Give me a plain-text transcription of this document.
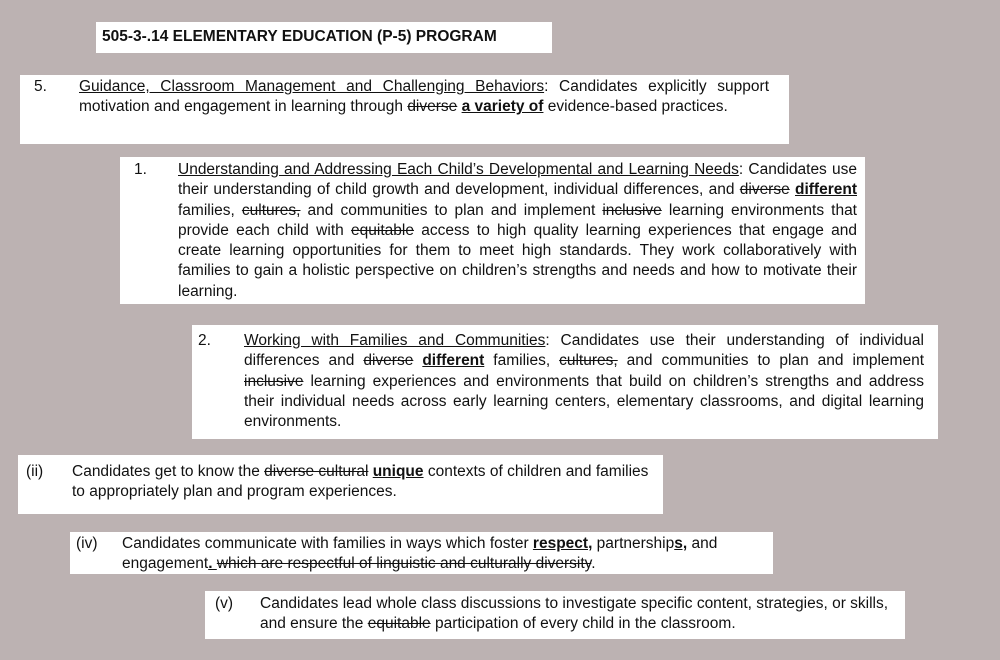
505-3-.14 ELEMENTARY EDUCATION (P-5) PROGRAM
5.	Guidance, Classroom Management and Challenging Behaviors: Candidates explicitly support motivation and engagement in learning through diverse a variety of evidence-based practices.
1.	Understanding and Addressing Each Child’s Developmental and Learning Needs: Candidates use their understanding of child growth and development, individual differences, and diverse different families, cultures, and communities to plan and implement inclusive learning environments that provide each child with equitable access to high quality learning experiences that engage and create learning opportunities for them to meet high standards. They work collaboratively with families to gain a holistic perspective on children’s strengths and needs and how to motivate their learning.
2.	Working with Families and Communities: Candidates use their understanding of individual differences and diverse different families, cultures, and communities to plan and implement inclusive learning experiences and environments that build on children’s strengths and address their individual needs across early learning centers, elementary classrooms, and digital learning environments.
(ii)	Candidates get to know the diverse cultural unique contexts of children and families to appropriately plan and program experiences.
(iv)	Candidates communicate with families in ways which foster respect, partnerships, and engagement. which are respectful of linguistic and culturally diversity.
(v)	Candidates lead whole class discussions to investigate specific content, strategies, or skills, and ensure the equitable participation of every child in the classroom.
